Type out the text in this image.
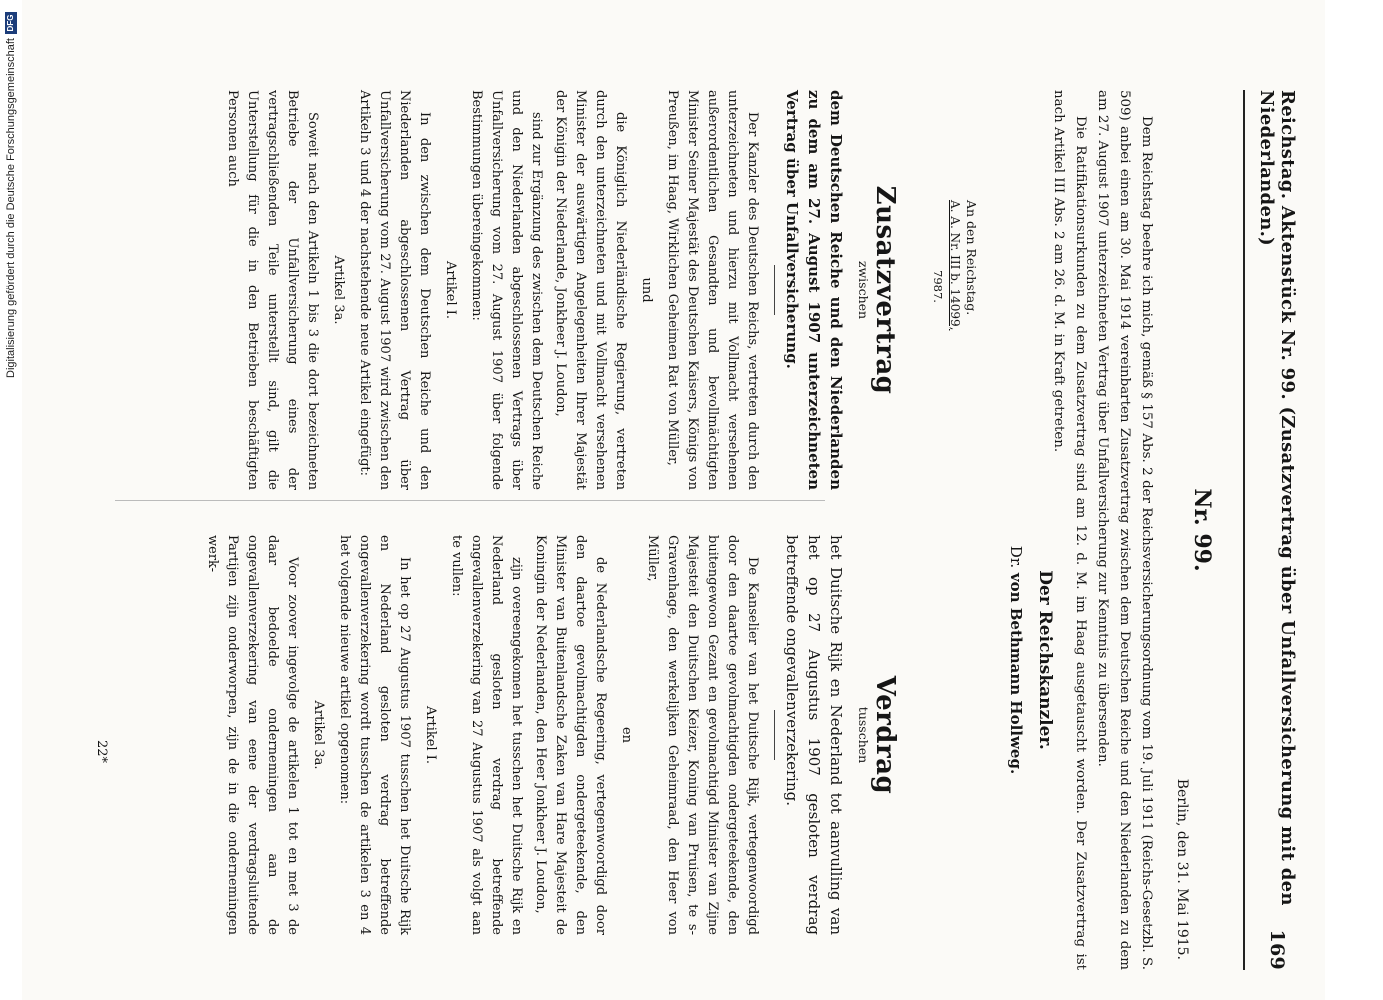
Reichstag. Aktenstück Nr. 99. (Zusatzvertrag über Unfallversicherung mit den Niederlanden.)
169
Nr. 99.
Berlin, den 31. Mai 1915.

Dem Reichstag beehre ich mich, gemäß § 157 Abs. 2 der Reichsversicherungsordnung vom 19. Juli 1911 (Reichs-Gesetzbl. S. 509) anbei einen am 30. Mai 1914 vereinbarten Zusatzvertrag zwischen dem Deutschen Reiche und den Niederlanden zu dem am 27. August 1907 unterzeichneten Vertrag über Unfallversicherung zur Kenntnis zu übersenden.

Die Ratifikationsurkunden zu dem Zusatzvertrag sind am 12. d. M. im Haag ausgetauscht worden. Der Zusatzvertrag ist nach Artikel III Abs. 2 am 26. d. M. in Kraft getreten.

Der Reichskanzler.
Dr. von Bethmann Hollweg.
An den Reichstag.
A. A. Nr. III b. 14099,
7987.
Zusatzvertrag
zwischen

dem Deutschen Reiche und den Niederlanden zu dem am 27. August 1907 unterzeichneten Vertrag über Unfallversicherung.

Der Kanzler des Deutschen Reichs, vertreten durch den unterzeichneten und hierzu mit Vollmacht versehenen außerordentlichen Gesandten und bevollmächtigten Minister Seiner Majestät des Deutschen Kaisers, Königs von Preußen, im Haag, Wirklichen Geheimen Rat von Müller,

und

die Königlich Niederländische Regierung, vertreten durch den unterzeichneten und mit Vollmacht versehenen Minister der auswärtigen Angelegenheiten Ihrer Majestät der Königin der Niederlande, Jonkheer J. Loudon,

sind zur Ergänzung des zwischen dem Deutschen Reiche und den Niederlanden abgeschlossenen Vertrags über Unfallversicherung vom 27. August 1907 über folgende Bestimmungen übereingekommen:

Artikel I.

In den zwischen dem Deutschen Reiche und den Niederlanden abgeschlossenen Vertrag über Unfallversicherung vom 27. August 1907 wird zwischen den Artikeln 3 und 4 der nachstehende neue Artikel eingefügt:

Artikel 3a.

Soweit nach den Artikeln 1 bis 3 die dort bezeichneten Betriebe der Unfallversicherung eines der vertragschließenden Teile unterstellt sind, gilt die Unterstellung für die in den Betrieben beschäftigten Personen auch

Verdrag
tusschen

het Duitsche Rijk en Nederland tot aanvulling van het op 27 Augustus 1907 gesloten verdrag betreffende ongevallenverzekering.

De Kanselier van het Duitsche Rijk, vertegenwoordigd door den daartoe gevolmachtigden ondergeteekende, den buitengewoon Gezant en gevolmachtigd Minister van Zijne Majesteit den Duitschen Keizer, Koning van Pruisen, te s-Gravenhage, den werkelijken Geheimraad, den Heer von Müller,

en

de Nederlandsche Regeering, vertegenwoordigd door den daartoe gevolmachtigden ondergeteekende, den Minister van Buitenlandsche Zaken van Hare Majesteit de Koningin der Nederlanden, den Heer Jonkheer J. Loudon,

zijn overeengekomen het tusschen het Duitsche Rijk en Nederland gesloten verdrag betreffende ongevallenverzekering van 27 Augustus 1907 als volgt aan te vullen:

Artikel I.

In het op 27 Augustus 1907 tusschen het Duitsche Rijk en Nederland gesloten verdrag betreffende ongevallenverzekering wordt tusschen de artikelen 3 en 4 het volgende nieuwe artikel opgenomen:

Artikel 3a.

Voor zoover ingevolge de artikelen 1 tot en met 3 de daar bedoelde ondernemingen aan de ongevallenverzekering van eene der verdragsluitende Partijen zijn onderworpen, zijn de in die ondernemingen werk-

22*
Digitalisierung gefördert durch die Deutsche Forschungsgemeinschaft
DFG
